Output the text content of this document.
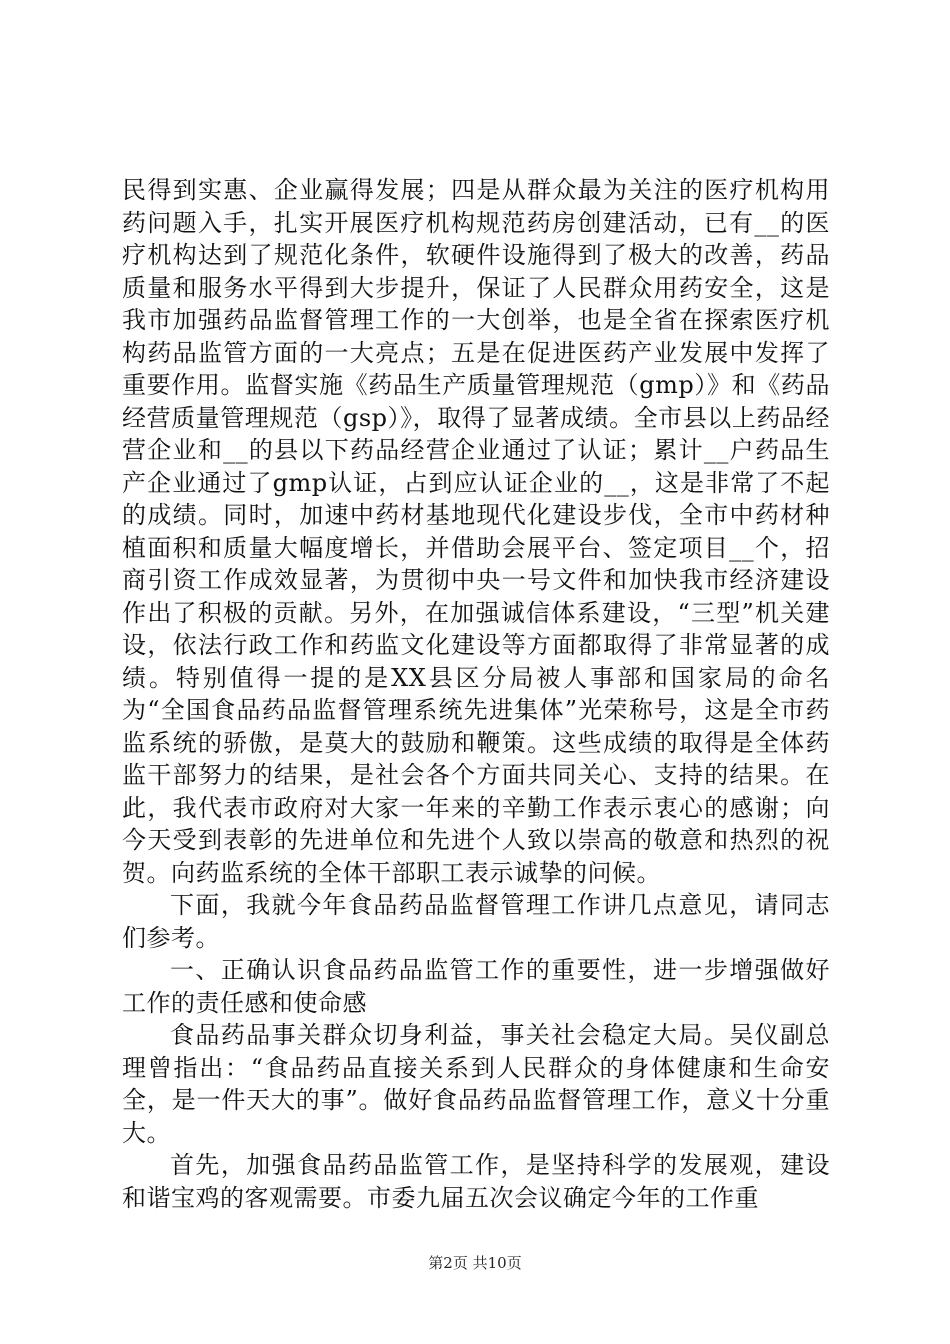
民得到实惠、企业赢得发展；四是从群众最为关注的医疗机构用药问题入手，扎实开展医疗机构规范药房创建活动，已有__的医疗机构达到了规范化条件，软硬件设施得到了极大的改善，药品质量和服务水平得到大步提升，保证了人民群众用药安全，这是我市加强药品监督管理工作的一大创举，也是全省在探索医疗机构药品监管方面的一大亮点；五是在促进医药产业发展中发挥了重要作用。监督实施《药品生产质量管理规范（gmp）》和《药品经营质量管理规范（gsp）》，取得了显著成绩。全市县以上药品经营企业和__的县以下药品经营企业通过了认证；累计__户药品生产企业通过了gmp认证，占到应认证企业的__，这是非常了不起的成绩。同时，加速中药材基地现代化建设步伐，全市中药材种植面积和质量大幅度增长，并借助会展平台、签定项目__个，招商引资工作成效显著，为贯彻中央一号文件和加快我市经济建设作出了积极的贡献。另外，在加强诚信体系建设，“三型”机关建设，依法行政工作和药监文化建设等方面都取得了非常显著的成绩。特别值得一提的是XX县区分局被人事部和国家局的命名为“全国食品药品监督管理系统先进集体”光荣称号，这是全市药监系统的骄傲，是莫大的鼓励和鞭策。这些成绩的取得是全体药监干部努力的结果，是社会各个方面共同关心、支持的结果。在此，我代表市政府对大家一年来的辛勤工作表示衷心的感谢；向今天受到表彰的先进单位和先进个人致以崇高的敬意和热烈的祝贺。向药监系统的全体干部职工表示诚挚的问候。

下面，我就今年食品药品监督管理工作讲几点意见，请同志们参考。

一、正确认识食品药品监管工作的重要性，进一步增强做好工作的责任感和使命感

食品药品事关群众切身利益，事关社会稳定大局。吴仪副总理曾指出：“食品药品直接关系到人民群众的身体健康和生命安全，是一件天大的事”。做好食品药品监督管理工作，意义十分重大。

首先，加强食品药品监管工作，是坚持科学的发展观，建设和谐宝鸡的客观需要。市委九届五次会议确定今年的工作重

第2页 共10页
